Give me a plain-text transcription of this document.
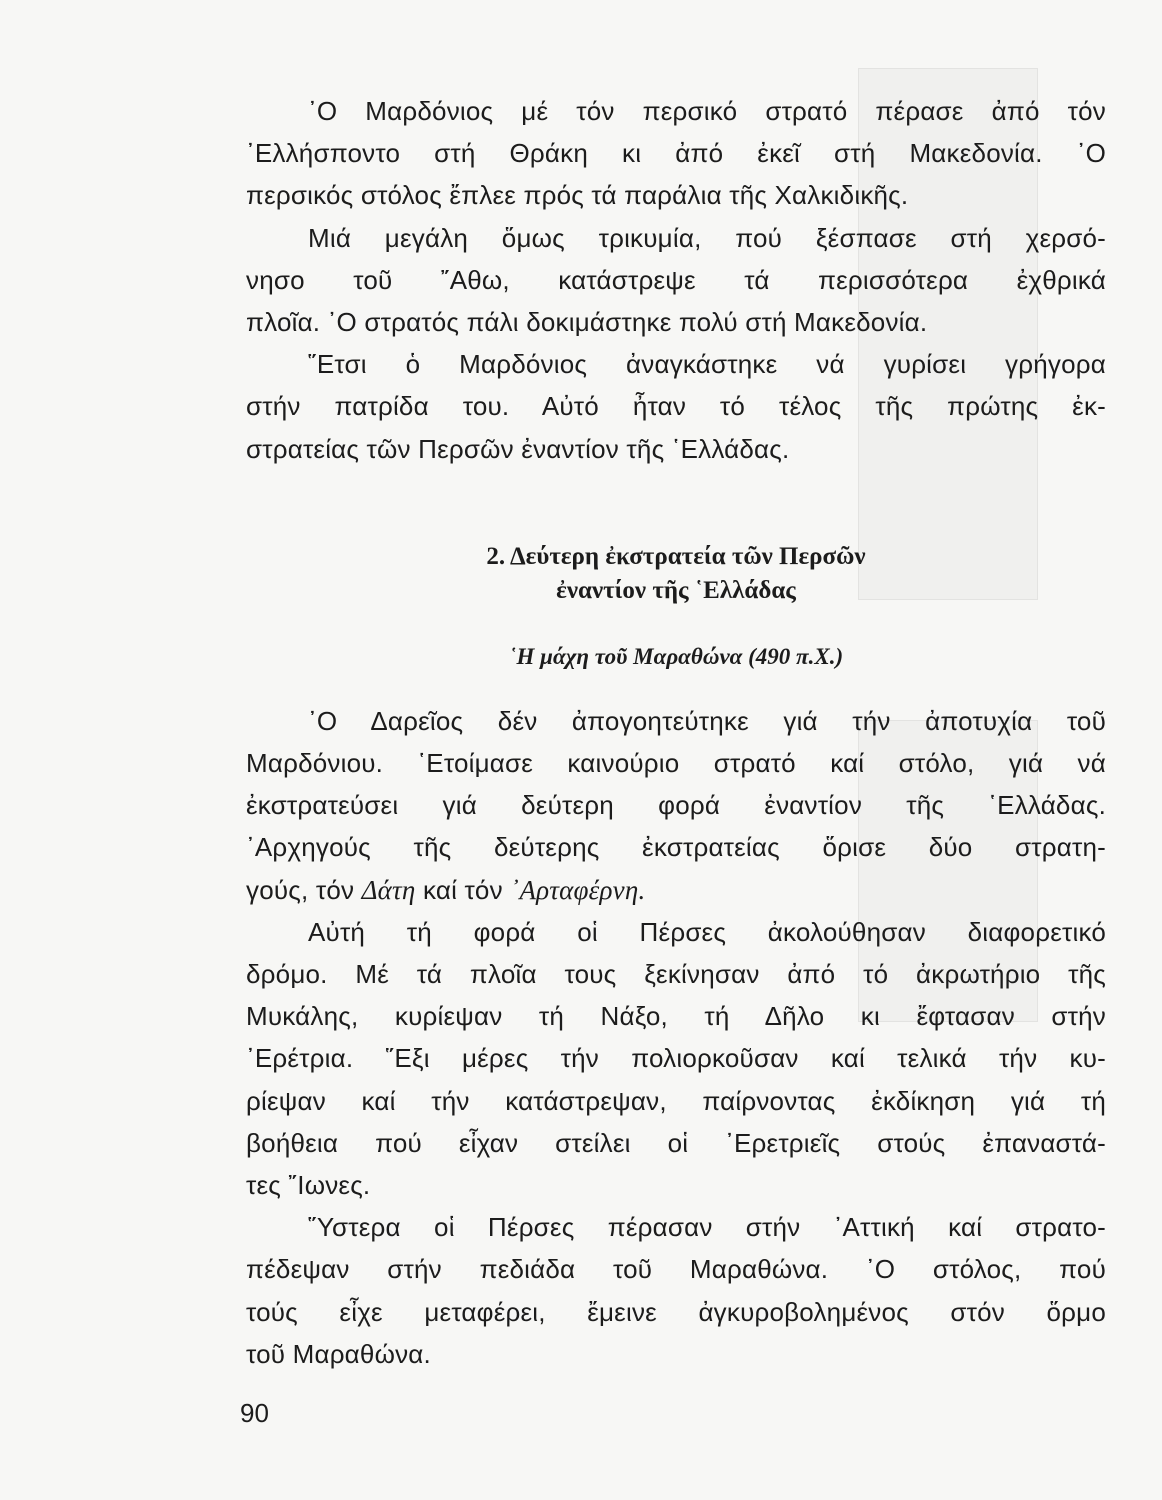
᾿Ο Μαρδόνιος μέ τόν περσικό στρατό πέρασε ἀπό τόν
᾿Ελλήσποντο στή Θράκη κι ἀπό ἐκεῖ στή Μακεδονία. ᾿Ο
περσικός στόλος ἔπλεε πρός τά παράλια τῆς Χαλκιδικῆς.

Μιά μεγάλη ὅμως τρικυμία, πού ξέσπασε στή χερσό-
νησο τοῦ ῎Αθω, κατάστρεψε τά περισσότερα ἐχθρικά
πλοῖα. ᾿Ο στρατός πάλι δοκιμάστηκε πολύ στή Μακεδονία.

῞Ετσι ὁ Μαρδόνιος ἀναγκάστηκε νά γυρίσει γρήγορα
στήν πατρίδα του. Αὐτό ἦταν τό τέλος τῆς πρώτης ἐκ-
στρατείας τῶν Περσῶν ἐναντίον τῆς ῾Ελλάδας.

2. Δεύτερη ἐκστρατεία τῶν Περσῶν
ἐναντίον τῆς ῾Ελλάδας
῾Η μάχη τοῦ Μαραθώνα (490 π.Χ.)

᾿Ο Δαρεῖος δέν ἀπογοητεύτηκε γιά τήν ἀποτυχία τοῦ
Μαρδόνιου. ῾Ετοίμασε καινούριο στρατό καί στόλο, γιά νά
ἐκστρατεύσει γιά δεύτερη φορά ἐναντίον τῆς ῾Ελλάδας.
᾿Αρχηγούς τῆς δεύτερης ἐκστρατείας ὅρισε δύο στρατη-
γούς, τόν Δάτη καί τόν ᾿Αρταφέρνη.

Αὐτή τή φορά οἱ Πέρσες ἀκολούθησαν διαφορετικό
δρόμο. Μέ τά πλοῖα τους ξεκίνησαν ἀπό τό ἀκρωτήριο τῆς
Μυκάλης, κυρίεψαν τή Νάξο, τή Δῆλο κι ἔφτασαν στήν
᾿Ερέτρια. ῞Εξι μέρες τήν πολιορκοῦσαν καί τελικά τήν κυ-
ρίεψαν καί τήν κατάστρεψαν, παίρνοντας ἐκδίκηση γιά τή
βοήθεια πού εἶχαν στείλει οἱ ᾿Ερετριεῖς στούς ἐπαναστά-
τες ῎Ιωνες.

῞Υστερα οἱ Πέρσες πέρασαν στήν ᾿Αττική καί στρατο-
πέδεψαν στήν πεδιάδα τοῦ Μαραθώνα. ᾿Ο στόλος, πού
τούς εἶχε μεταφέρει, ἔμεινε ἀγκυροβολημένος στόν ὅρμο
τοῦ Μαραθώνα.

90
